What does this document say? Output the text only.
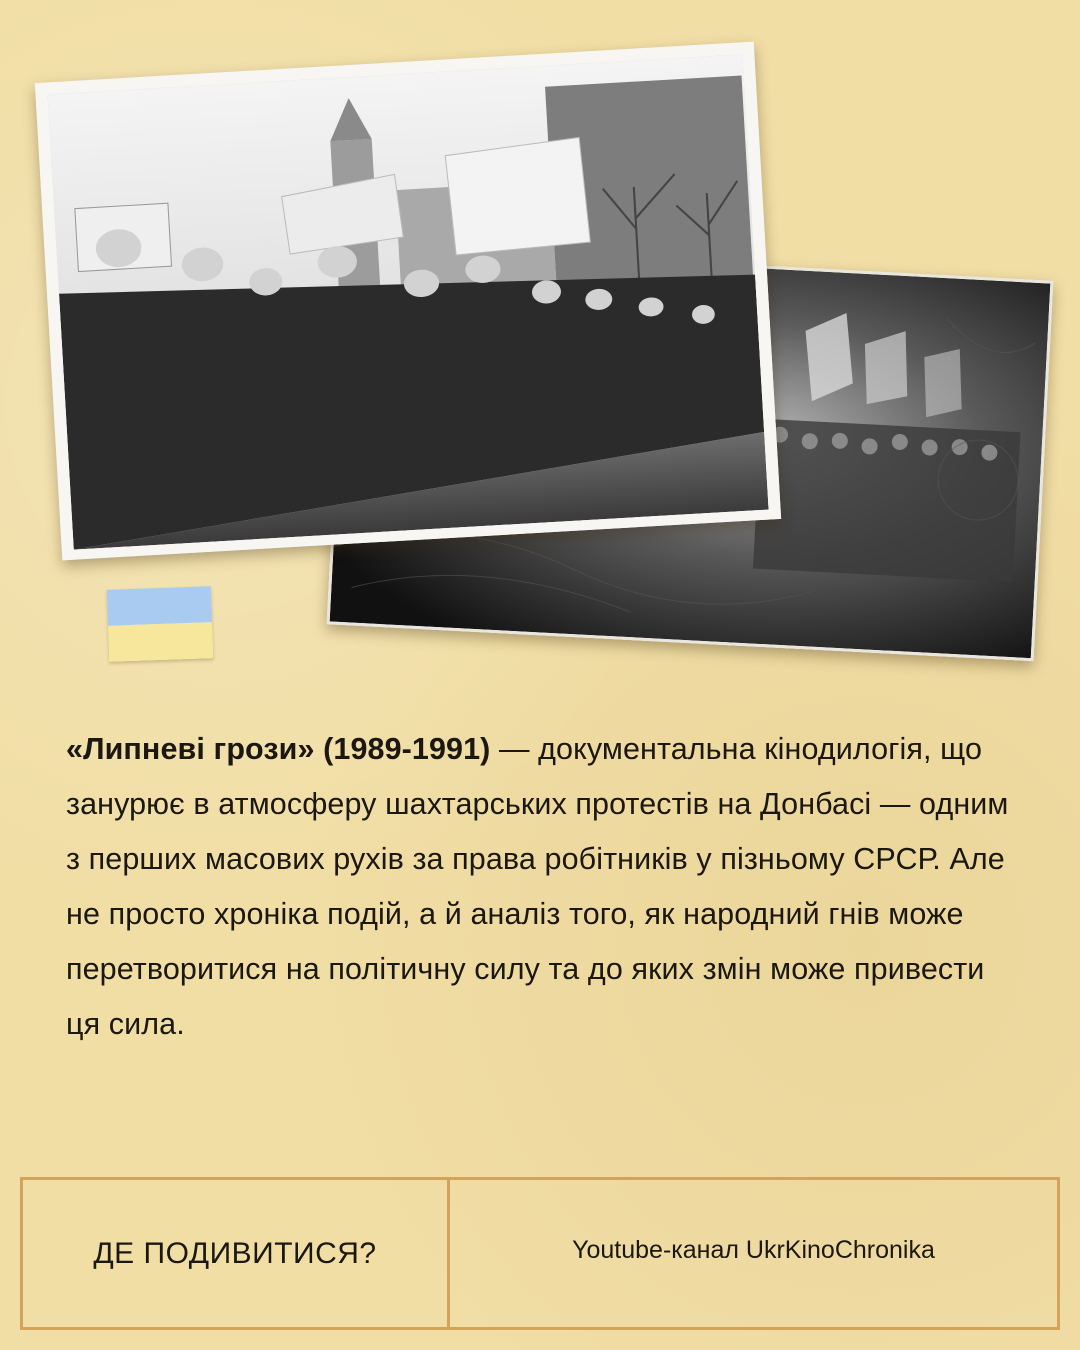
«Липневі грози» (1989-1991) — документальна кінодилогія, що занурює в атмосферу шахтарських протестів на Донбасі — одним з перших масових рухів за права робітників у пізньому СРСР. Але не просто хроніка подій, а й аналіз того, як народний гнів може перетворитися на політичну силу та до яких змін може привести ця сила.
ДЕ ПОДИВИТИСЯ?	Youtube-канал UkrKinoChronika
